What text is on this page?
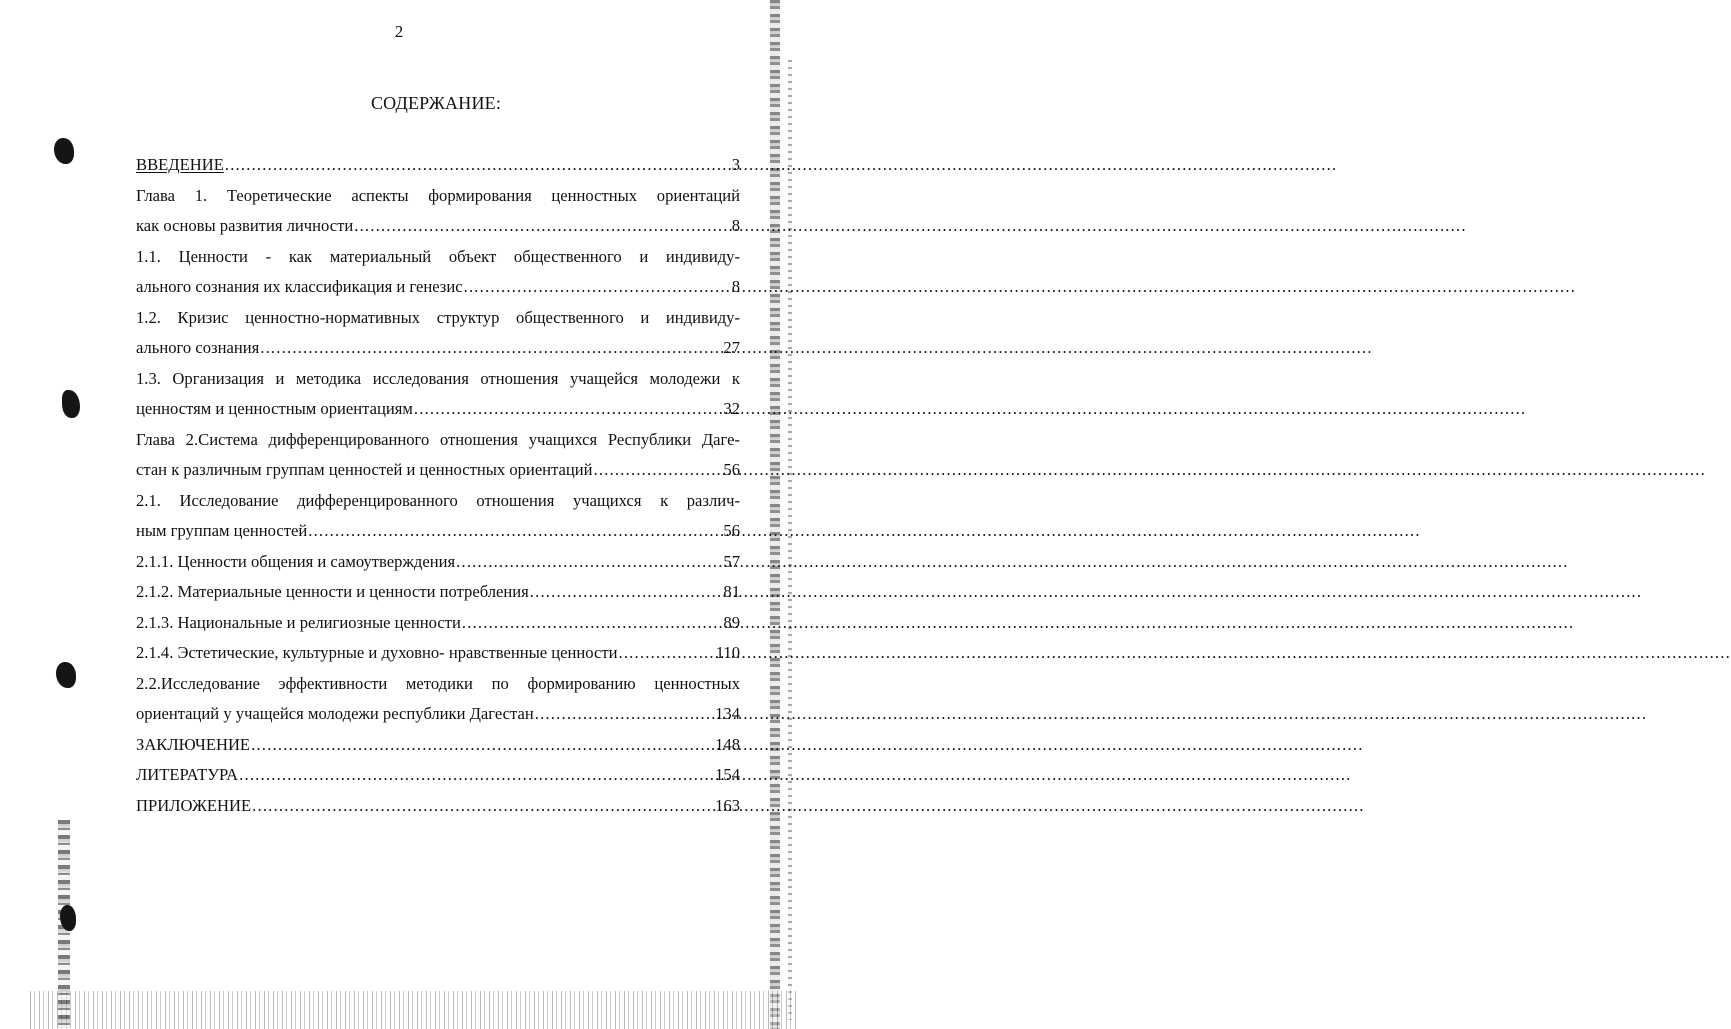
2
СОДЕРЖАНИЕ:
ВВЕДЕНИЕ .....	3
Глава 1. Теоретические аспекты формирования ценностных ориентаций
как основы развития личности .....	8
1.1. Ценности - как материальный объект общественного и индивиду-
ального сознания их классификация и генезис .....	8
1.2. Кризис ценностно-нормативных структур общественного и индивиду-
ального сознания .....	27
1.3. Организация и методика исследования отношения учащейся молодежи к
ценностям и ценностным ориентациям .....	32
Глава 2.Система дифференцированного отношения учащихся Республики Даге-
стан к различным группам ценностей и ценностных ориентаций .....	56
2.1. Исследование дифференцированного отношения учащихся к различ-
ным группам ценностей .....	56
2.1.1. Ценности общения и самоутверждения .....	57
2.1.2. Материальные ценности и ценности потребления .....	81
2.1.3. Национальные и религиозные ценности .....	89
2.1.4. Эстетические, культурные и духовно- нравственные ценности .....	110
2.2.Исследование эффективности методики по формированию ценностных
ориентаций у учащейся молодежи республики Дагестан .....	134
ЗАКЛЮЧЕНИЕ .....	148
ЛИТЕРАТУРА .....	154
ПРИЛОЖЕНИЕ .....	163
